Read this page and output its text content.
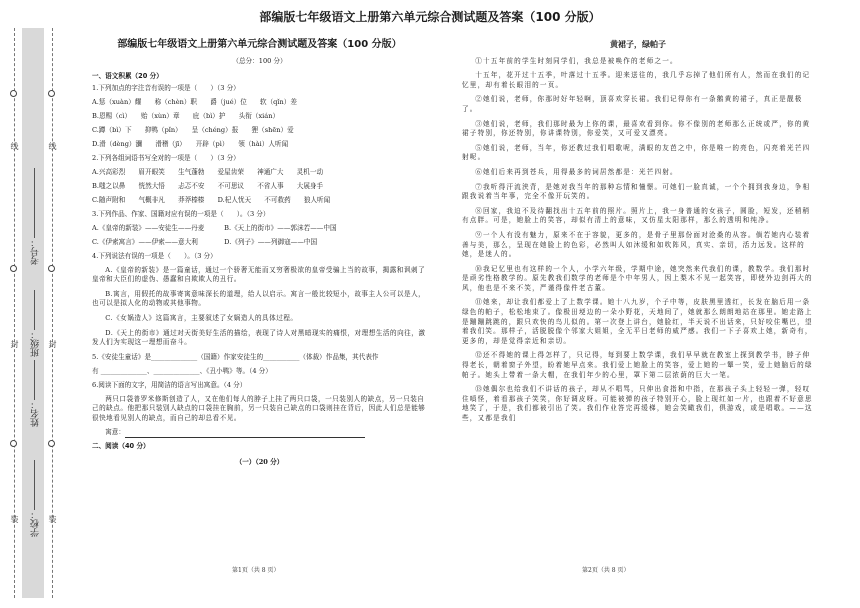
部编版七年级语文上册第六单元综合测试题及答案（100 分版）
线
封
装
线
封
装
考号：
班级：
姓名：
学校：
部编版七年级语文上册第六单元综合测试题及答案（100 分版）
（总分：100 分）
一、语文积累（20 分）
1.下列加点的字注音有误的一项是（　　）（3 分）
A.惩（xuàn）耀　　称（chèn）职　　爵（jué）位　　软（qǐn）差
B.恩赐（cì）　　贻（xùn）章　　庇（bì）护　　头衔（xián）
C.蹲（bì）下　　抑鸭（pǐn）　　呈（chéng）报　　狸（shēn）爱
D.滑（dèng）瀰　　滑稽（jī）　　开辟（pì）　　领（hài）人听闻
2.下列各组词语书写全对的一项是（　　）（3 分）
A.兴高彩烈　　眉开眼笑　　生气蓬勃　　爱屋齿荣　　神通广大　　灵机一动
B.嗤之以鼻　　恍然大悟　　忐忑不安　　不可思议　　不省人事　　大展身手
C.随声附和　　气概非凡　　莽莽榛榛　　D.杞人忧天　　不可救药　　狼人听闻
3.下列作品、作家、国籍对应有误的一项是（　　）。（3 分）
A.《皇帝的新装》——安徒生——丹麦　　　B.《天上的街市》——郭沫若——中国
C.《伊索寓言》——伊索——意大利　　　　D.《列子》——列御寇——中国
4.下列说法有误的一项是（　　）。（3 分）
A.《皇帝的新装》是一篇童话，通过一个骄奢无能而又穷奢极欲的皇帝受骗上当的故事，揭露和讽刺了皇帝和大臣们的虚伪、愚蠢和自欺欺人的丑行。
B.寓言，用假托的故事寄寓意味深长的道理，给人以启示。寓言一般比较短小，故事主人公可以是人，也可以是拟人化的动物或其他事物。
C.《女娲造人》这篇寓言，主要叙述了女娲造人的具体过程。
D.《天上的街市》通过对天街美好生活的描绘，表现了诗人对黑暗现实的痛恨，对理想生活的向往，激发人们为实现这一理想而奋斗。
5.《安徒生童话》是______________（国籍）作家安徒生的___________（体裁）作品集，其代表作
有 ______________、______________、《丑小鸭》等。（4 分）
6.阅读下面的文字，用简洁的语言写出寓意。（4 分）
两只口袋普罗米修斯创造了人，又在他们每人的脖子上挂了两只口袋，一只装别人的缺点，另一只装自己的缺点。他把那只装别人缺点的口袋挂在胸前，另一只装自己缺点的口袋则挂在背后，因此人们总是能够很快地看见别人的缺点，而自己的却总看不见。
寓意：
二、阅读（40 分）
（一）（20 分）
第1页（共 8 页）
黄裙子，绿帕子
①十五年前的学生时刻同学们，我总是被唤作的老师之一。
十五年，花开过十五季，叶落过十五季。迎来送往的，我几乎忘掉了他们所有人，然而在我们的记忆里，却有着长眼泪的一页。
②她们说，老师，你那时好年轻啊，顶喜欢穿长裙。我们记得你有一条鹅黄的裙子，真正是靓极了。
③她们说，老师，我们那时最为上你的课，最喜欢看到你。你不像别的老师那么正统或严，你的黄裙子特别，你还特别，你讲课特别，你爱笑，又可爱又漂亮。
⑤她们说，老师，当年，你还教过我们唱歌呢，满眼的友芭之中，你是唯一的亮色，闪亮着光芒四射呢。
⑥她们后来再到苍兵，用得最多的词居然都是：光芒四射。
⑦我听得汗流浃背，是她对我当年的那种忘情和憧憬。可她们一脸真诚，一个个拥到我身边，争相跟我说着当年事，完全不像开玩笑的。
⑧回家，我迫不及待翻找出十五年前的照片。照片上，我一身普通的女孩子，圆脸，短发，还稍稍有点胖。可是，她脸上的笑容，却似有清上的意味，又仿星太阳那样，那么的透明和纯净。
⑨一个人有没有魅力，原来不在于容貌，更多的，是骨子里那份面对沧桑的从容。倘若她内心装着善与美，那么，呈现在她脸上的色彩，必然叫人如沐缓和如吹阵风，真实、亲切，活力远发。这样的她，是迷人的。
⑩我记忆里也有这样的一个人，小学六年级，学期中途，她突然来代我们的课，教数学。我们那时是顽劣性格教学的。原先教我们数学的老师是个中年男人，因上梨木不见一起笑容，即使外边剑再大的风，他也是不来不笑，严谨得像件老古董。
⑪她来，却让我们都爱上了上数学课。她十八九岁，个子中等，皮肤黑里透红，长发在脑后用一条绿色的帕子，松松地束了。像极田埂边的一朵小野花，天地间了，她就那么朗朗地站在那里。她走路上是蹦蹦跳跳的，跟只欢快的鸟儿似的。第一次登上讲台，她脸红，半天说不出话来，只好咬住嘴巴，望着我们笑。那样子，活脱脱像个邻家大姐姐，全无平日老师的威严感。我们一下子喜欢上她，新奇有，更多的，却是觉得亲近和亲切。
⑫还不得她的课上得怎样了，只记得，每到要上数学课，我们早早就在教室上探到教学书，脖子伸得老长，朝着窗子外望，盼着她早点来。我们爱上她脸上的笑容，爱上她的一颦一笑，爱上她脑后的绿帕子。她头上带着一条大帽，在我们年少的心里，罩下第二层浓荫的巨大一笔。
⑬她偶尔也给我们不讲话的孩子，却从不唱骂，只伸出食指和中指，在那孩子头上轻轻一弹，轻叹住嗔怪，着看那孩子笑笑，你好调皮呀。可能被弹的孩子特别开心，脸上现红如一片，也跟着不好意思地笑了，于是，我们都被引出了笑。我们作业答完再缓梯，她会笑瞰我们，俱游戏，或是唱歌。——这些，又都是我们
第2页（共 8 页）
